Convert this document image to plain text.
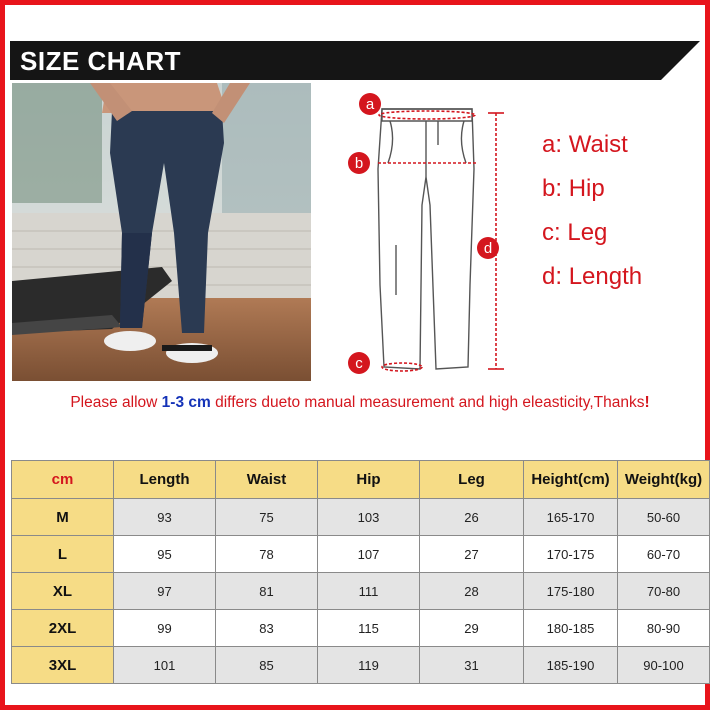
SIZE CHART
a
b
c
d
a: Waist
b: Hip
c: Leg
d: Length
Please allow 1-3 cm differs dueto manual measurement and high eleasticity,Thanks!
cm	Length	Waist	Hip	Leg	Height(cm)	Weight(kg)
M	93	75	103	26	165-170	50-60
L	95	78	107	27	170-175	60-70
XL	97	81	111	28	175-180	70-80
2XL	99	83	115	29	180-185	80-90
3XL	101	85	119	31	185-190	90-100
